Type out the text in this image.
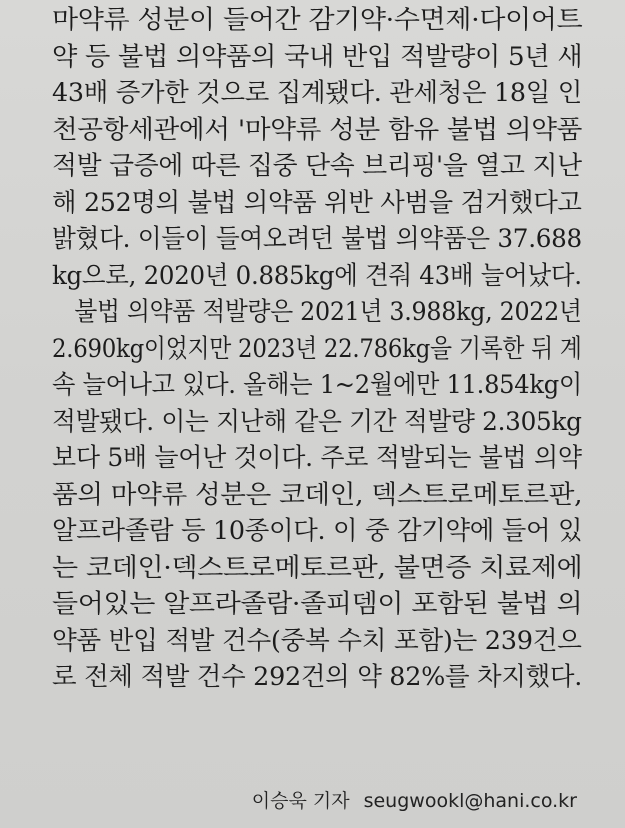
마약류 성분이 들어간 감기약·수면제·다이어트
약 등 불법 의약품의 국내 반입 적발량이 5년 새
43배 증가한 것으로 집계됐다. 관세청은 18일 인
천공항세관에서 '마약류 성분 함유 불법 의약품
적발 급증에 따른 집중 단속 브리핑'을 열고 지난
해 252명의 불법 의약품 위반 사범을 검거했다고
밝혔다. 이들이 들여오려던 불법 의약품은 37.688
kg으로, 2020년 0.885kg에 견줘 43배 늘어났다.
불법 의약품 적발량은 2021년 3.988kg, 2022년
2.690kg이었지만 2023년 22.786kg을 기록한 뒤 계
속 늘어나고 있다. 올해는 1~2월에만 11.854kg이
적발됐다. 이는 지난해 같은 기간 적발량 2.305kg
보다 5배 늘어난 것이다. 주로 적발되는 불법 의약
품의 마약류 성분은 코데인, 덱스트로메토르판,
알프라졸람 등 10종이다. 이 중 감기약에 들어 있
는 코데인·덱스트로메토르판, 불면증 치료제에
들어있는 알프라졸람·졸피뎀이 포함된 불법 의
약품 반입 적발 건수(중복 수치 포함)는 239건으
로 전체 적발 건수 292건의 약 82%를 차지했다.
이승욱 기자 seugwookl@hani.co.kr
